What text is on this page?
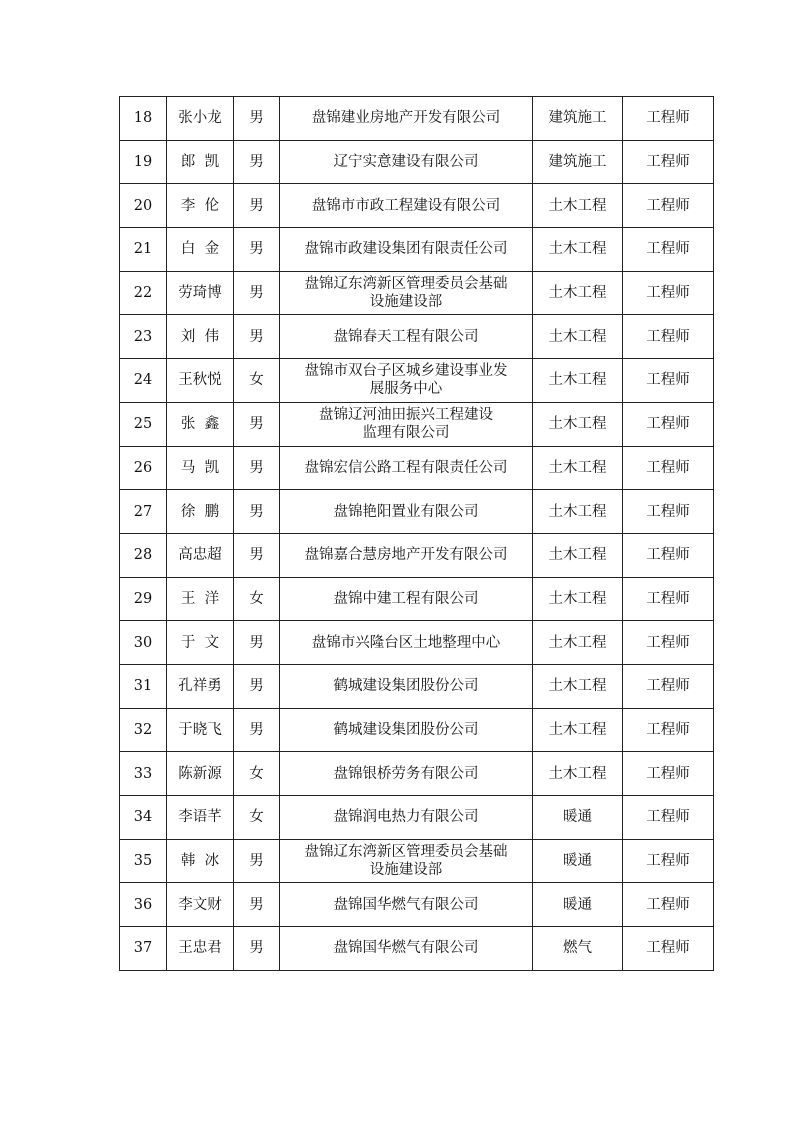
18	张小龙	男	盘锦建业房地产开发有限公司	建筑施工	工程师
19	郎  凯	男	辽宁实意建设有限公司	建筑施工	工程师
20	李  伦	男	盘锦市市政工程建设有限公司	土木工程	工程师
21	白  金	男	盘锦市政建设集团有限责任公司	土木工程	工程师
22	劳琦博	男	盘锦辽东湾新区管理委员会基础
设施建设部	土木工程	工程师
23	刘  伟	男	盘锦春天工程有限公司	土木工程	工程师
24	王秋悦	女	盘锦市双台子区城乡建设事业发
展服务中心	土木工程	工程师
25	张  鑫	男	盘锦辽河油田振兴工程建设
监理有限公司	土木工程	工程师
26	马  凯	男	盘锦宏信公路工程有限责任公司	土木工程	工程师
27	徐  鹏	男	盘锦艳阳置业有限公司	土木工程	工程师
28	高忠超	男	盘锦嘉合慧房地产开发有限公司	土木工程	工程师
29	王  洋	女	盘锦中建工程有限公司	土木工程	工程师
30	于  文	男	盘锦市兴隆台区土地整理中心	土木工程	工程师
31	孔祥勇	男	鹤城建设集团股份公司	土木工程	工程师
32	于晓飞	男	鹤城建设集团股份公司	土木工程	工程师
33	陈新源	女	盘锦银桥劳务有限公司	土木工程	工程师
34	李语芊	女	盘锦润电热力有限公司	暖通	工程师
35	韩  冰	男	盘锦辽东湾新区管理委员会基础
设施建设部	暖通	工程师
36	李文财	男	盘锦国华燃气有限公司	暖通	工程师
37	王忠君	男	盘锦国华燃气有限公司	燃气	工程师
